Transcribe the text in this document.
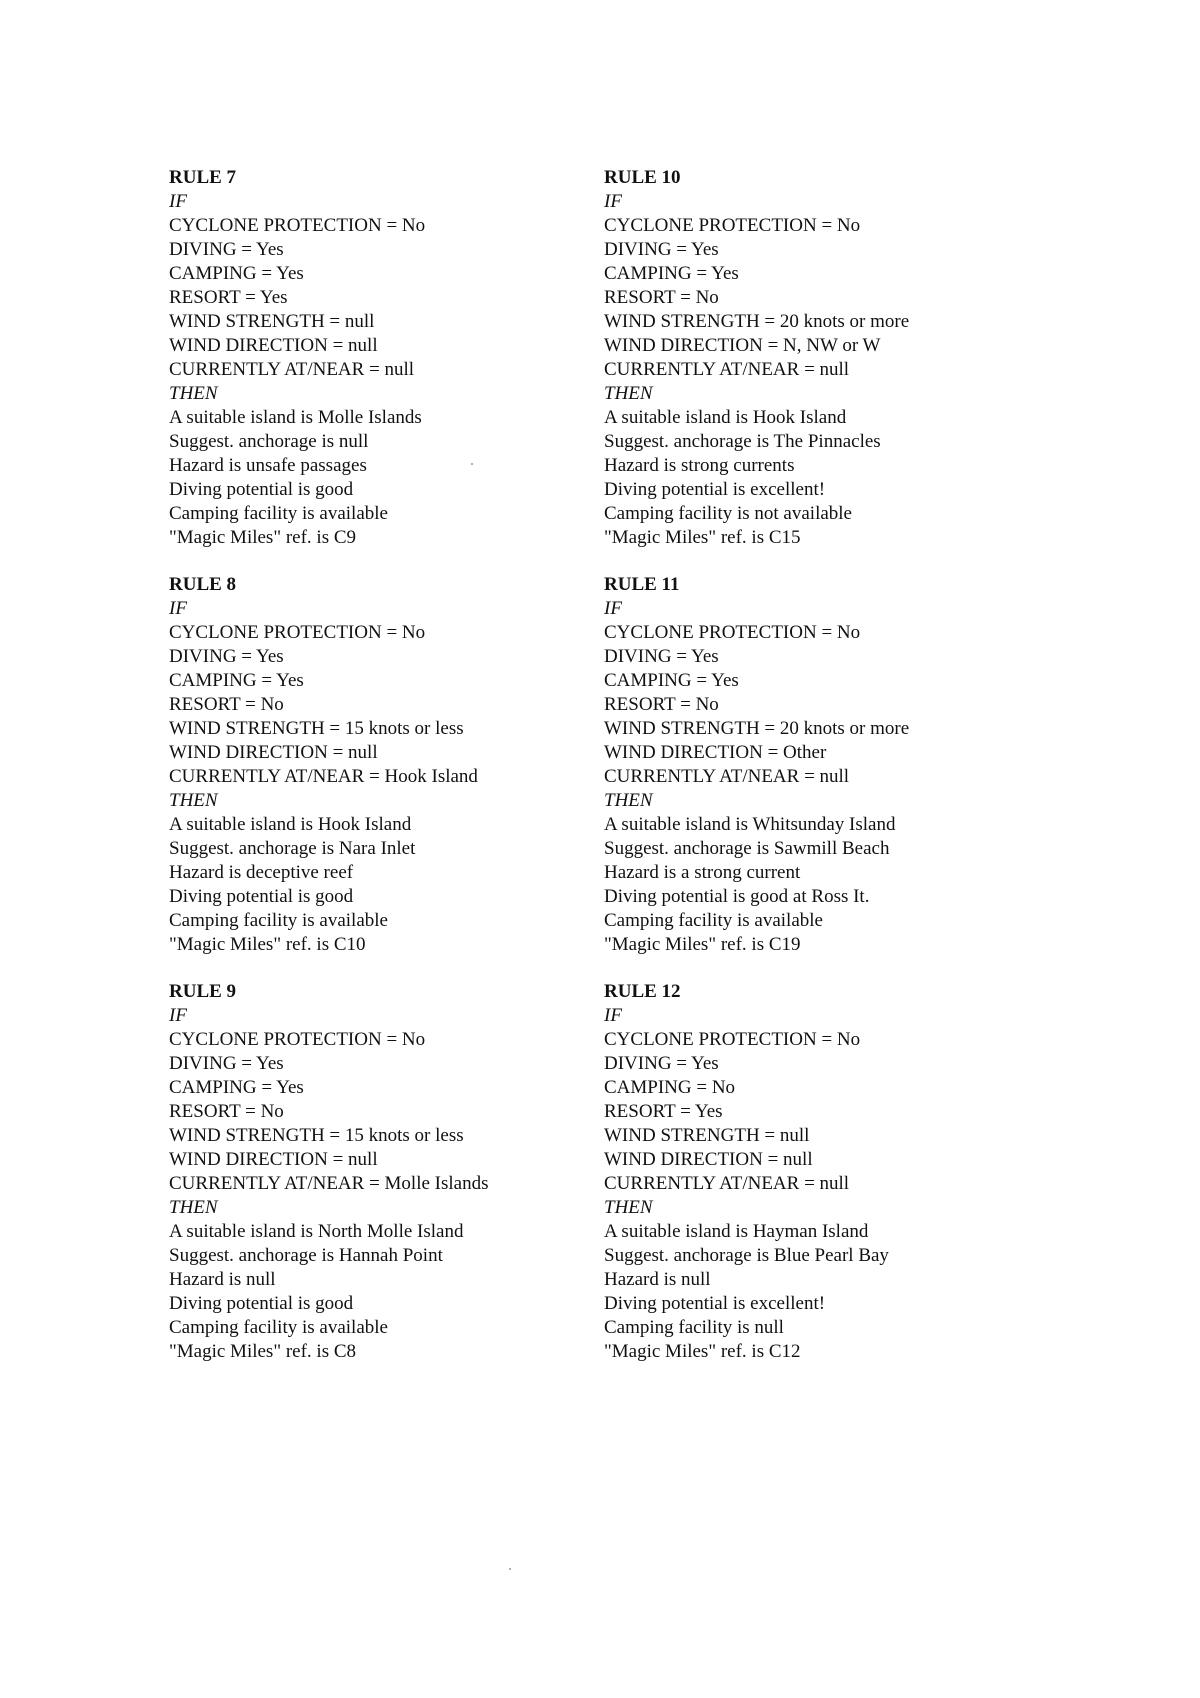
RULE 7
IF
CYCLONE PROTECTION = No
DIVING = Yes
CAMPING = Yes
RESORT = Yes
WIND STRENGTH = null
WIND DIRECTION = null
CURRENTLY AT/NEAR = null
THEN
A suitable island is Molle Islands
Suggest. anchorage is null
Hazard is unsafe passages
Diving potential is good
Camping facility is available
"Magic Miles" ref. is C9
RULE 8
IF
CYCLONE PROTECTION = No
DIVING = Yes
CAMPING = Yes
RESORT = No
WIND STRENGTH = 15 knots or less
WIND DIRECTION = null
CURRENTLY AT/NEAR = Hook Island
THEN
A suitable island is Hook Island
Suggest. anchorage is Nara Inlet
Hazard is deceptive reef
Diving potential is good
Camping facility is available
"Magic Miles" ref. is C10
RULE 9
IF
CYCLONE PROTECTION = No
DIVING = Yes
CAMPING = Yes
RESORT = No
WIND STRENGTH = 15 knots or less
WIND DIRECTION = null
CURRENTLY AT/NEAR = Molle Islands
THEN
A suitable island is North Molle Island
Suggest. anchorage is Hannah Point
Hazard is null
Diving potential is good
Camping facility is available
"Magic Miles" ref. is C8
RULE 10
IF
CYCLONE PROTECTION = No
DIVING = Yes
CAMPING = Yes
RESORT = No
WIND STRENGTH = 20 knots or more
WIND DIRECTION = N, NW or W
CURRENTLY AT/NEAR = null
THEN
A suitable island is Hook Island
Suggest. anchorage is The Pinnacles
Hazard is strong currents
Diving potential is excellent!
Camping facility is not available
"Magic Miles" ref. is C15
RULE 11
IF
CYCLONE PROTECTION = No
DIVING = Yes
CAMPING = Yes
RESORT = No
WIND STRENGTH = 20 knots or more
WIND DIRECTION = Other
CURRENTLY AT/NEAR = null
THEN
A suitable island is Whitsunday Island
Suggest. anchorage is Sawmill Beach
Hazard is a strong current
Diving potential is good at Ross It.
Camping facility is available
"Magic Miles" ref. is C19
RULE 12
IF
CYCLONE PROTECTION = No
DIVING = Yes
CAMPING = No
RESORT = Yes
WIND STRENGTH = null
WIND DIRECTION = null
CURRENTLY AT/NEAR = null
THEN
A suitable island is Hayman Island
Suggest. anchorage is Blue Pearl Bay
Hazard is null
Diving potential is excellent!
Camping facility is null
"Magic Miles" ref. is C12
